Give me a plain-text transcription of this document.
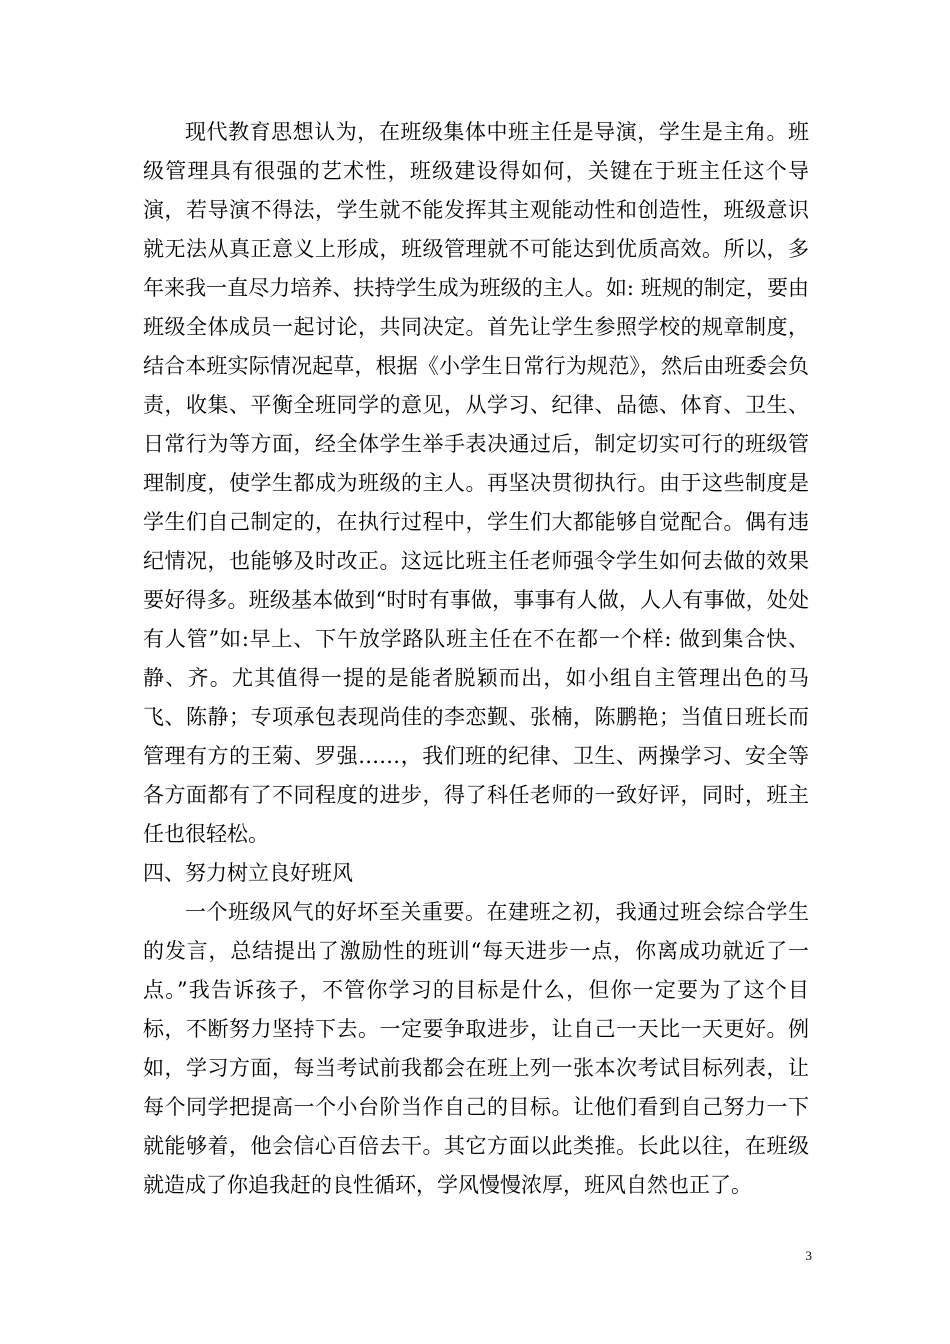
现代教育思想认为，在班级集体中班主任是导演，学生是主角。班级管理具有很强的艺术性，班级建设得如何，关键在于班主任这个导演，若导演不得法，学生就不能发挥其主观能动性和创造性，班级意识就无法从真正意义上形成，班级管理就不可能达到优质高效。所以，多年来我一直尽力培养、扶持学生成为班级的主人。如: 班规的制定，要由班级全体成员一起讨论，共同决定。首先让学生参照学校的规章制度，结合本班实际情况起草，根据《小学生日常行为规范》，然后由班委会负责，收集、平衡全班同学的意见，从学习、纪律、品德、体育、卫生、日常行为等方面，经全体学生举手表决通过后，制定切实可行的班级管理制度，使学生都成为班级的主人。再坚决贯彻执行。由于这些制度是学生们自己制定的，在执行过程中，学生们大都能够自觉配合。偶有违纪情况，也能够及时改正。这远比班主任老师强令学生如何去做的效果要好得多。班级基本做到“时时有事做，事事有人做，人人有事做，处处有人管”如:早上、下午放学路队班主任在不在都一个样: 做到集合快、静、齐。尤其值得一提的是能者脱颖而出，如小组自主管理出色的马飞、陈静；专项承包表现尚佳的李恋觐、张楠，陈鹏艳；当值日班长而管理有方的王菊、罗强……，我们班的纪律、卫生、两操学习、安全等各方面都有了不同程度的进步，得了科任老师的一致好评，同时，班主任也很轻松。

四、努力树立良好班风

一个班级风气的好坏至关重要。在建班之初，我通过班会综合学生的发言，总结提出了激励性的班训“每天进步一点，你离成功就近了一点。”我告诉孩子，不管你学习的目标是什么，但你一定要为了这个目标，不断努力坚持下去。一定要争取进步，让自己一天比一天更好。例如，学习方面，每当考试前我都会在班上列一张本次考试目标列表，让每个同学把提高一个小台阶当作自己的目标。让他们看到自己努力一下就能够着，他会信心百倍去干。其它方面以此类推。长此以往，在班级就造成了你追我赶的良性循环，学风慢慢浓厚，班风自然也正了。

3
